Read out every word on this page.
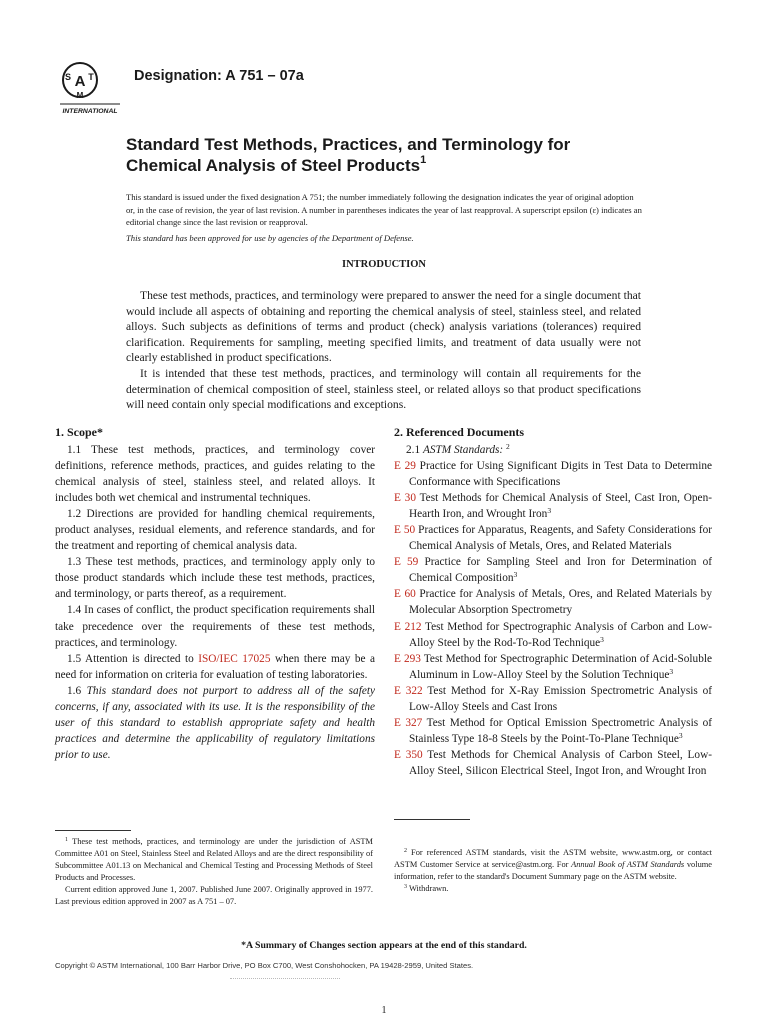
A
S T
M
INTERNATIONAL
Designation: A 751 – 07a
Standard Test Methods, Practices, and Terminology for
Chemical Analysis of Steel Products$^1$
This standard is issued under the fixed designation A 751; the number immediately following the designation indicates the year of original adoption or, in the case of revision, the year of last revision. A number in parentheses indicates the year of last reapproval. A superscript epsilon (ε) indicates an editorial change since the last revision or reapproval.
This standard has been approved for use by agencies of the Department of Defense.
INTRODUCTION

These test methods, practices, and terminology were prepared to answer the need for a single document that would include all aspects of obtaining and reporting the chemical analysis of steel, stainless steel, and related alloys. Such subjects as definitions of terms and product (check) analysis variations (tolerances) required clarification. Requirements for sampling, meeting specified limits, and treatment of data usually were not clearly established in product specifications.

It is intended that these test methods, practices, and terminology will contain all requirements for the determination of chemical composition of steel, stainless steel, or related alloys so that product specifications will need contain only special modifications and exceptions.

1. Scope*

1.1 These test methods, practices, and terminology cover definitions, reference methods, practices, and guides relating to the chemical analysis of steel, stainless steel, and related alloys. It includes both wet chemical and instrumental techniques.

1.2 Directions are provided for handling chemical requirements, product analyses, residual elements, and reference standards, and for the treatment and reporting of chemical analysis data.

1.3 These test methods, practices, and terminology apply only to those product standards which include these test methods, practices, and terminology, or parts thereof, as a requirement.

1.4 In cases of conflict, the product specification requirements shall take precedence over the requirements of these test methods, practices, and terminology.

1.5 Attention is directed to ISO/IEC 17025 when there may be a need for information on criteria for evaluation of testing laboratories.

1.6 This standard does not purport to address all of the safety concerns, if any, associated with its use. It is the responsibility of the user of this standard to establish appropriate safety and health practices and determine the applicability of regulatory limitations prior to use.

2. Referenced Documents

2.1 ASTM Standards: $^2$

E 29 Practice for Using Significant Digits in Test Data to Determine Conformance with Specifications

E 30 Test Methods for Chemical Analysis of Steel, Cast Iron, Open-Hearth Iron, and Wrought Iron$^3$

E 50 Practices for Apparatus, Reagents, and Safety Considerations for Chemical Analysis of Metals, Ores, and Related Materials

E 59 Practice for Sampling Steel and Iron for Determination of Chemical Composition$^3$

E 60 Practice for Analysis of Metals, Ores, and Related Materials by Molecular Absorption Spectrometry

E 212 Test Method for Spectrographic Analysis of Carbon and Low-Alloy Steel by the Rod-To-Rod Technique$^3$

E 293 Test Method for Spectrographic Determination of Acid-Soluble Aluminum in Low-Alloy Steel by the Solution Technique$^3$

E 322 Test Method for X-Ray Emission Spectrometric Analysis of Low-Alloy Steels and Cast Irons

E 327 Test Method for Optical Emission Spectrometric Analysis of Stainless Type 18-8 Steels by the Point-To-Plane Technique$^3$

E 350 Test Methods for Chemical Analysis of Carbon Steel, Low-Alloy Steel, Silicon Electrical Steel, Ingot Iron, and Wrought Iron

$^1$ These test methods, practices, and terminology are under the jurisdiction of ASTM Committee A01 on Steel, Stainless Steel and Related Alloys and are the direct responsibility of Subcommittee A01.13 on Mechanical and Chemical Testing and Processing Methods of Steel Products and Processes.

Current edition approved June 1, 2007. Published June 2007. Originally approved in 1977. Last previous edition approved in 2007 as A 751 – 07.

$^2$ For referenced ASTM standards, visit the ASTM website, www.astm.org, or contact ASTM Customer Service at service@astm.org. For Annual Book of ASTM Standards volume information, refer to the standard's Document Summary page on the ASTM website.

$^3$ Withdrawn.

*A Summary of Changes section appears at the end of this standard.
Copyright © ASTM International, 100 Barr Harbor Drive, PO Box C700, West Conshohocken, PA 19428-2959, United States.
1
